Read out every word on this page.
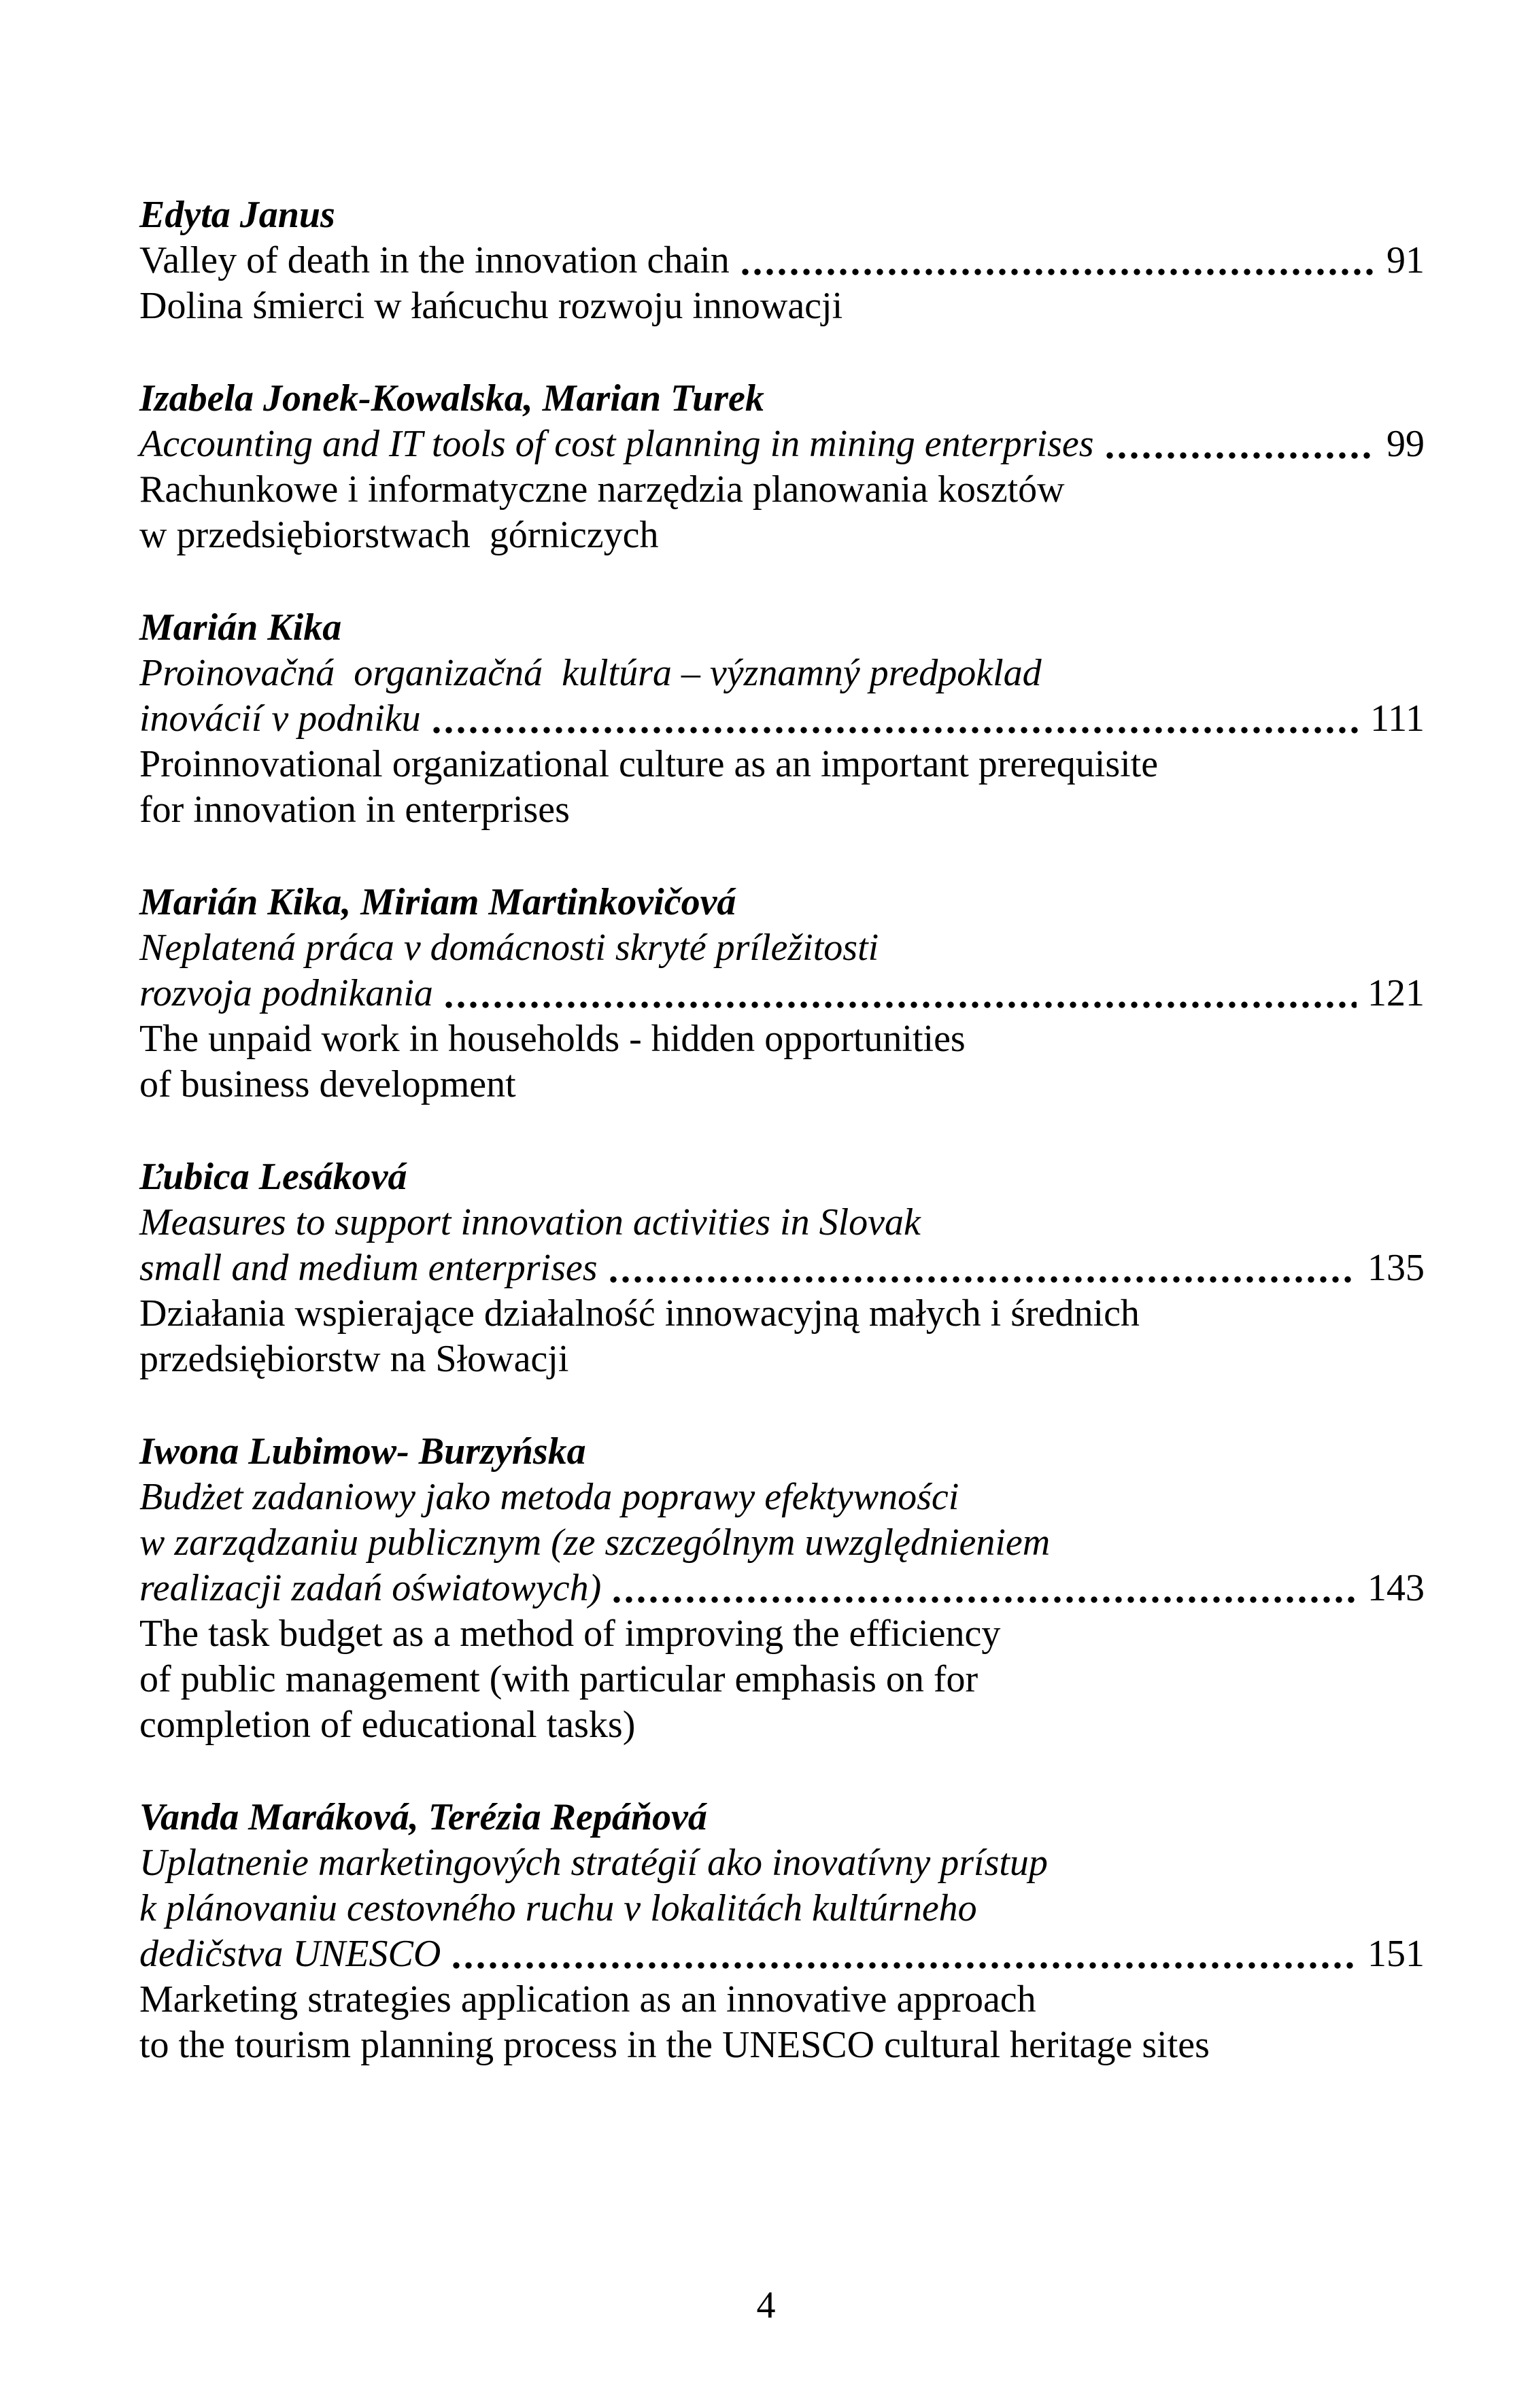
Edyta Janus
Valley of death in the innovation chain	91
Dolina śmierci w łańcuchu rozwoju innowacji
Izabela Jonek-Kowalska, Marian Turek
Accounting and IT tools of cost planning in mining enterprises	99
Rachunkowe i informatyczne narzędzia planowania kosztów
w przedsiębiorstwach  górniczych
Marián Kika
Proinovačná  organizačná  kultúra – významný predpoklad
inovácií v podniku	111
Proinnovational organizational culture as an important prerequisite
for innovation in enterprises
Marián Kika, Miriam Martinkovičová
Neplatená práca v domácnosti skryté príležitosti
rozvoja podnikania	121
The unpaid work in households - hidden opportunities
of business development
Ľubica Lesáková
Measures to support innovation activities in Slovak
small and medium enterprises	135
Działania wspierające działalność innowacyjną małych i średnich
przedsiębiorstw na Słowacji
Iwona Lubimow- Burzyńska
Budżet zadaniowy jako metoda poprawy efektywności
w zarządzaniu publicznym (ze szczególnym uwzględnieniem
realizacji zadań oświatowych)	143
The task budget as a method of improving the efficiency
of public management (with particular emphasis on for
completion of educational tasks)
Vanda Maráková, Terézia Repáňová
Uplatnenie marketingových stratégií ako inovatívny prístup
k plánovaniu cestovného ruchu v lokalitách kultúrneho
dedičstva UNESCO	151
Marketing strategies application as an innovative approach
to the tourism planning process in the UNESCO cultural heritage sites
4
